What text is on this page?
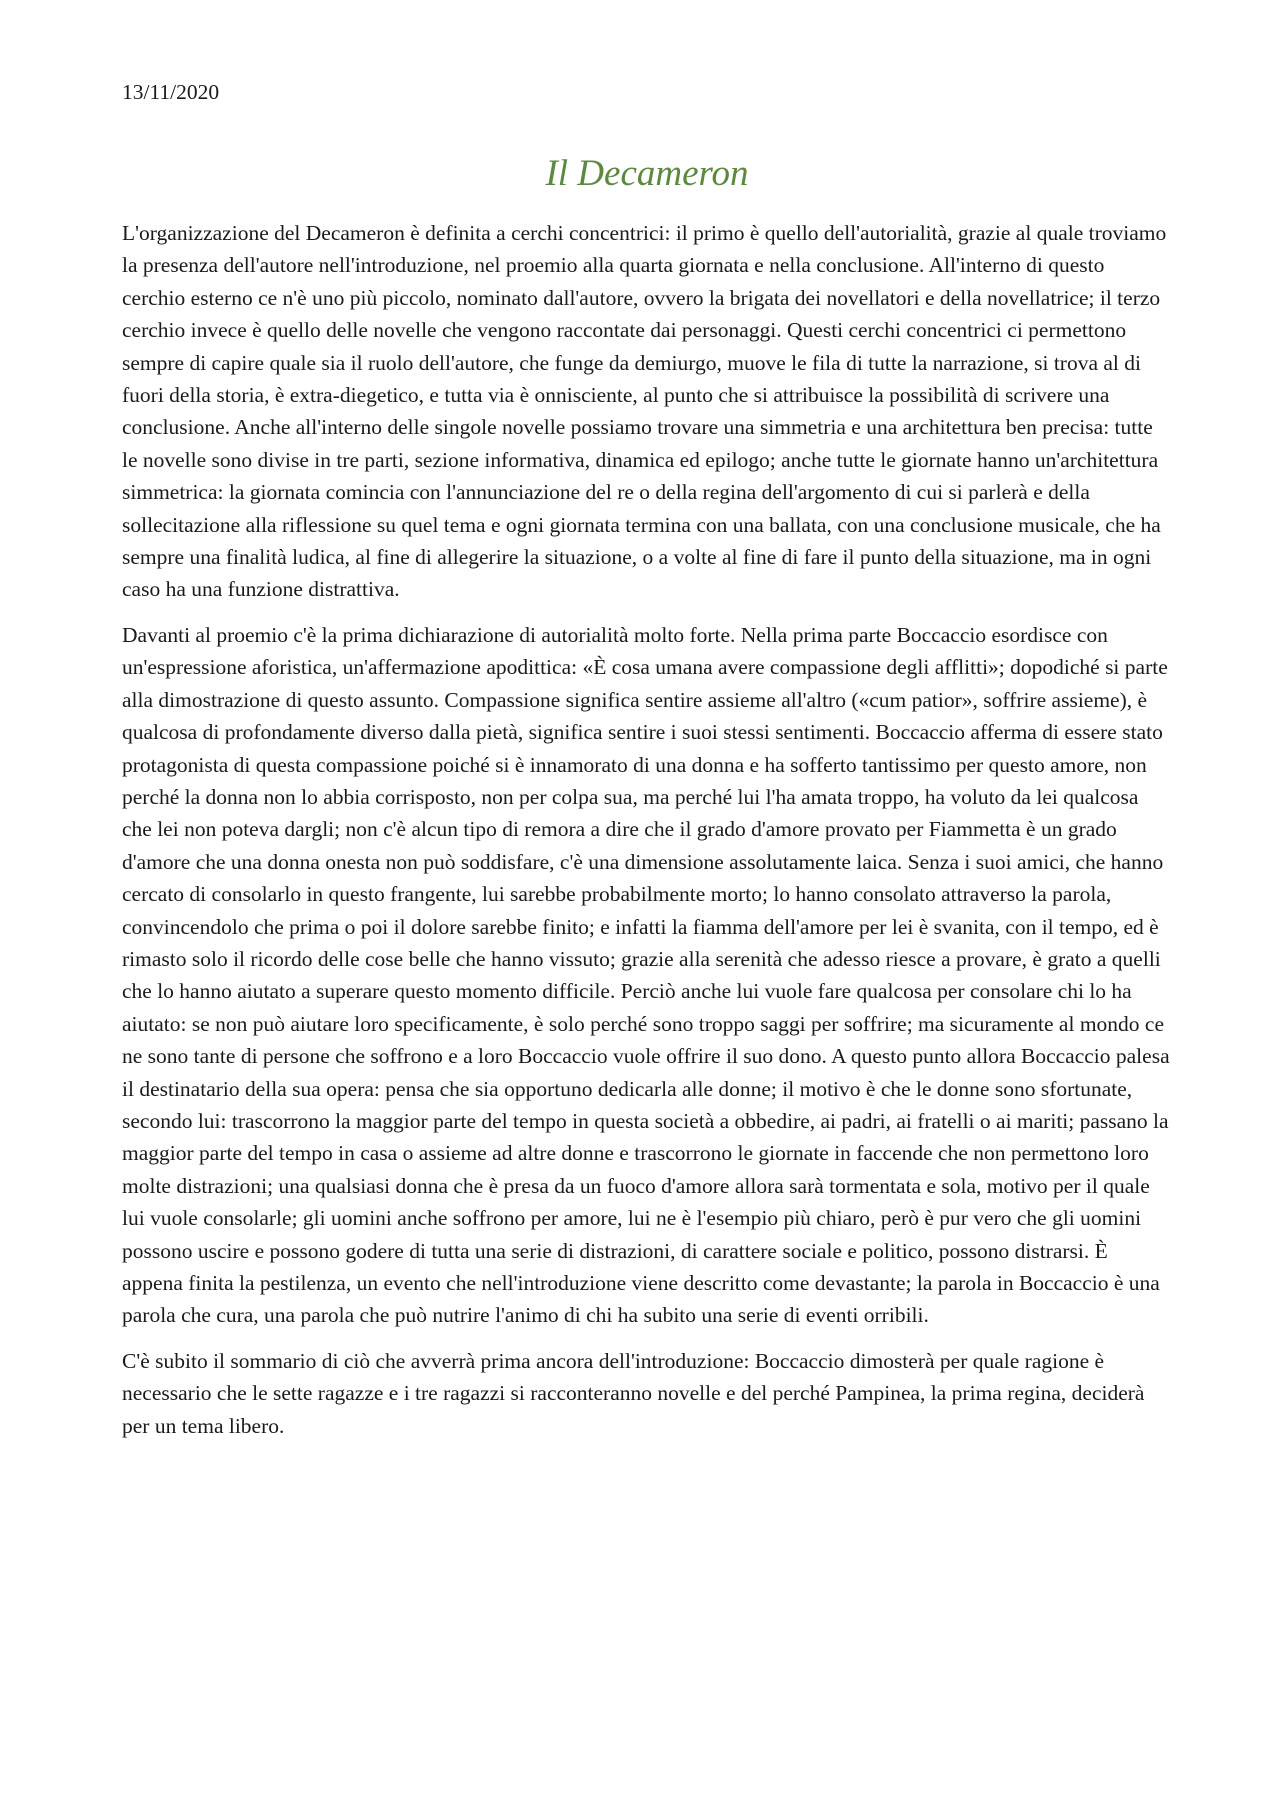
13/11/2020
Il Decameron

L'organizzazione del Decameron è definita a cerchi concentrici: il primo è quello dell'autorialità, grazie al quale troviamo la presenza dell'autore nell'introduzione, nel proemio alla quarta giornata e nella conclusione. All'interno di questo cerchio esterno ce n'è uno più piccolo, nominato dall'autore, ovvero la brigata dei novellatori e della novellatrice; il terzo cerchio invece è quello delle novelle che vengono raccontate dai personaggi. Questi cerchi concentrici ci permettono sempre di capire quale sia il ruolo dell'autore, che funge da demiurgo, muove le fila di tutte la narrazione, si trova al di fuori della storia, è extra-diegetico, e tutta via è onnisciente, al punto che si attribuisce la possibilità di scrivere una conclusione. Anche all'interno delle singole novelle possiamo trovare una simmetria e una architettura ben precisa: tutte le novelle sono divise in tre parti, sezione informativa, dinamica ed epilogo; anche tutte le giornate hanno un'architettura simmetrica: la giornata comincia con l'annunciazione del re o della regina dell'argomento di cui si parlerà e della sollecitazione alla riflessione su quel tema e ogni giornata termina con una ballata, con una conclusione musicale, che ha sempre una finalità ludica, al fine di allegerire la situazione, o a volte al fine di fare il punto della situazione, ma in ogni caso ha una funzione distrattiva.

Davanti al proemio c'è la prima dichiarazione di autorialità molto forte. Nella prima parte Boccaccio esordisce con un'espressione aforistica, un'affermazione apodittica: «È cosa umana avere compassione degli afflitti»; dopodiché si parte alla dimostrazione di questo assunto. Compassione significa sentire assieme all'altro («cum patior», soffrire assieme), è qualcosa di profondamente diverso dalla pietà, significa sentire i suoi stessi sentimenti. Boccaccio afferma di essere stato protagonista di questa compassione poiché si è innamorato di una donna e ha sofferto tantissimo per questo amore, non perché la donna non lo abbia corrisposto, non per colpa sua, ma perché lui l'ha amata troppo, ha voluto da lei qualcosa che lei non poteva dargli; non c'è alcun tipo di remora a dire che il grado d'amore provato per Fiammetta è un grado d'amore che una donna onesta non può soddisfare, c'è una dimensione assolutamente laica. Senza i suoi amici, che hanno cercato di consolarlo in questo frangente, lui sarebbe probabilmente morto; lo hanno consolato attraverso la parola, convincendolo che prima o poi il dolore sarebbe finito; e infatti la fiamma dell'amore per lei è svanita, con il tempo, ed è rimasto solo il ricordo delle cose belle che hanno vissuto; grazie alla serenità che adesso riesce a provare, è grato a quelli che lo hanno aiutato a superare questo momento difficile. Perciò anche lui vuole fare qualcosa per consolare chi lo ha aiutato: se non può aiutare loro specificamente, è solo perché sono troppo saggi per soffrire; ma sicuramente al mondo ce ne sono tante di persone che soffrono e a loro Boccaccio vuole offrire il suo dono. A questo punto allora Boccaccio palesa il destinatario della sua opera: pensa che sia opportuno dedicarla alle donne; il motivo è che le donne sono sfortunate, secondo lui: trascorrono la maggior parte del tempo in questa società a obbedire, ai padri, ai fratelli o ai mariti; passano la maggior parte del tempo in casa o assieme ad altre donne e trascorrono le giornate in faccende che non permettono loro molte distrazioni; una qualsiasi donna che è presa da un fuoco d'amore allora sarà tormentata e sola, motivo per il quale lui vuole consolarle; gli uomini anche soffrono per amore, lui ne è l'esempio più chiaro, però è pur vero che gli uomini possono uscire e possono godere di tutta una serie di distrazioni, di carattere sociale e politico, possono distrarsi. È appena finita la pestilenza, un evento che nell'introduzione viene descritto come devastante; la parola in Boccaccio è una parola che cura, una parola che può nutrire l'animo di chi ha subito una serie di eventi orribili.

C'è subito il sommario di ciò che avverrà prima ancora dell'introduzione: Boccaccio dimosterà per quale ragione è necessario che le sette ragazze e i tre ragazzi si racconteranno novelle e del perché Pampinea, la prima regina, deciderà per un tema libero.
